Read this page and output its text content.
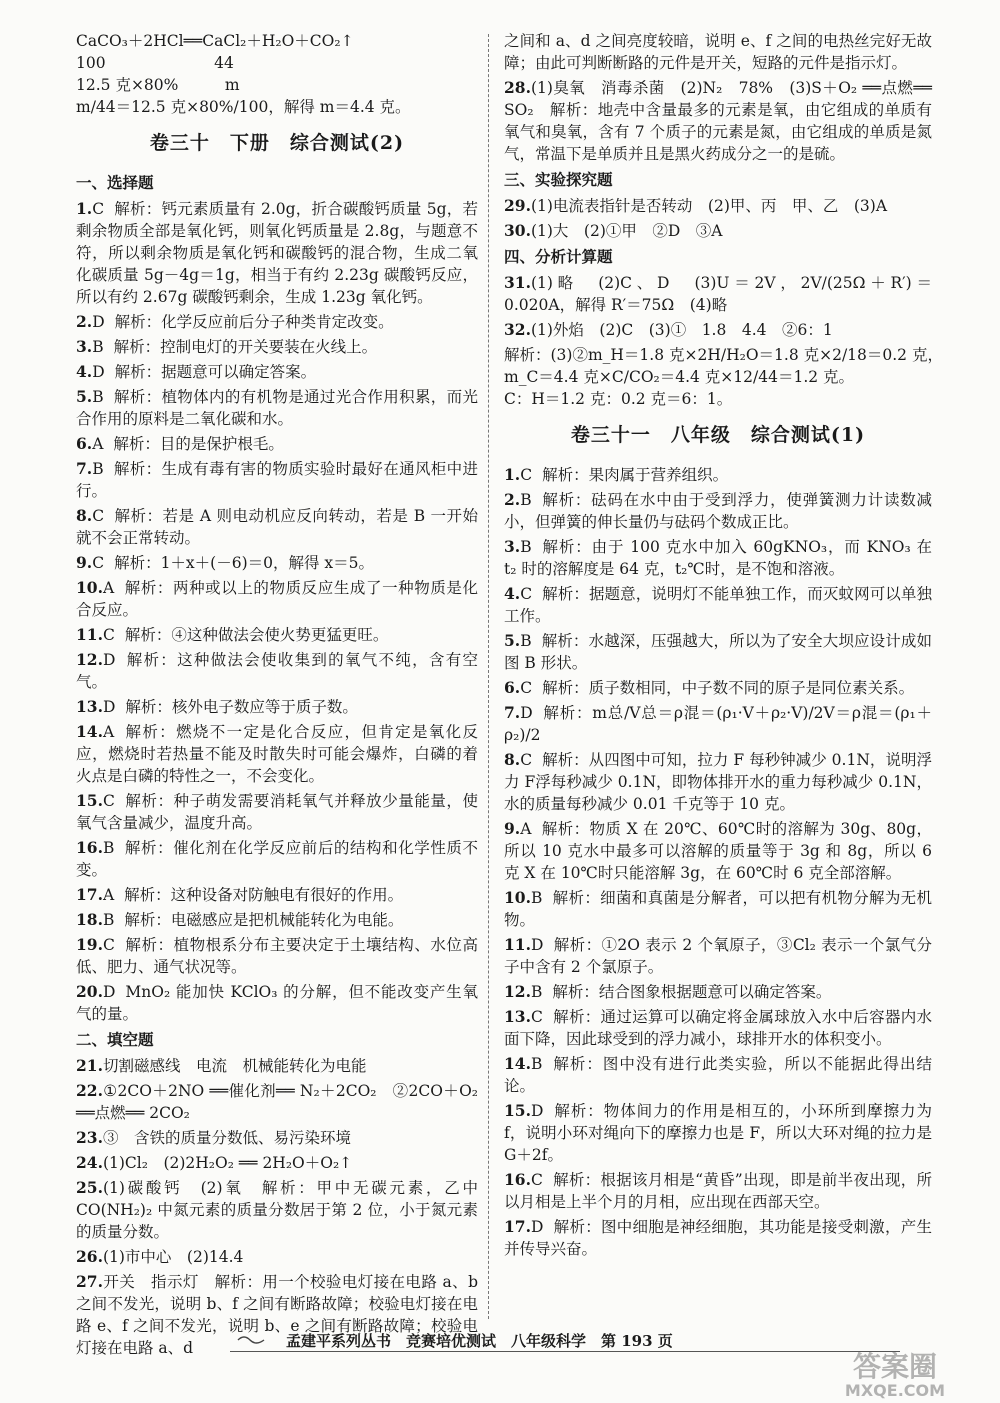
CaCO₃＋2HCl══CaCl₂＋H₂O＋CO₂↑

100　　　　　　　44

12.5 克×80%　　　m

m/44＝12.5 克×80%/100，解得 m＝4.4 克。

卷三十　下册　综合测试(2)
一、选择题

1.C 解析：钙元素质量有 2.0g，折合碳酸钙质量 5g，若剩余物质全部是氧化钙，则氧化钙质量是 2.8g，与题意不符，所以剩余物质是氧化钙和碳酸钙的混合物，生成二氧化碳质量 5g－4g＝1g，相当于有约 2.23g 碳酸钙反应，所以有约 2.67g 碳酸钙剩余，生成 1.23g 氧化钙。

2.D 解析：化学反应前后分子种类肯定改变。

3.B 解析：控制电灯的开关要装在火线上。

4.D 解析：据题意可以确定答案。

5.B 解析：植物体内的有机物是通过光合作用积累，而光合作用的原料是二氧化碳和水。

6.A 解析：目的是保护根毛。

7.B 解析：生成有毒有害的物质实验时最好在通风柜中进行。

8.C 解析：若是 A 则电动机应反向转动，若是 B 一开始就不会正常转动。

9.C 解析：1＋x＋(－6)＝0，解得 x＝5。

10.A 解析：两种或以上的物质反应生成了一种物质是化合反应。

11.C 解析：④这种做法会使火势更猛更旺。

12.D 解析：这种做法会使收集到的氧气不纯，含有空气。

13.D 解析：核外电子数应等于质子数。

14.A 解析：燃烧不一定是化合反应，但肯定是氧化反应，燃烧时若热量不能及时散失时可能会爆炸，白磷的着火点是白磷的特性之一，不会变化。

15.C 解析：种子萌发需要消耗氧气并释放少量能量，使氧气含量减少，温度升高。

16.B 解析：催化剂在化学反应前后的结构和化学性质不变。

17.A 解析：这种设备对防触电有很好的作用。

18.B 解析：电磁感应是把机械能转化为电能。

19.C 解析：植物根系分布主要决定于土壤结构、水位高低、肥力、通气状况等。

20.D MnO₂ 能加快 KClO₃ 的分解，但不能改变产生氧气的量。

二、填空题

21.切割磁感线　电流　机械能转化为电能

22.①2CO＋2NO ══催化剂══ N₂＋2CO₂　②2CO＋O₂ ══点燃══ 2CO₂

23.③　含铁的质量分数低、易污染环境

24.(1)Cl₂　(2)2H₂O₂ ══ 2H₂O＋O₂↑

25.(1)碳酸钙　(2)氧　解析：甲中无碳元素，乙中 CO(NH₂)₂ 中氮元素的质量分数居于第 2 位，小于氮元素的质量分数。

26.(1)市中心　(2)14.4

27.开关　指示灯　解析：用一个校验电灯接在电路 a、b 之间不发光，说明 b、f 之间有断路故障；校验电灯接在电路 e、f 之间不发光，说明 b、e 之间有断路故障；校验电灯接在电路 a、d

之间和 a、d 之间亮度较暗，说明 e、f 之间的电热丝完好无故障；由此可判断断路的元件是开关，短路的元件是指示灯。

28.(1)臭氧　消毒杀菌　(2)N₂　78%　(3)S＋O₂ ══点燃══ SO₂　解析：地壳中含量最多的元素是氧，由它组成的单质有氧气和臭氧，含有 7 个质子的元素是氮，由它组成的单质是氮气，常温下是单质并且是黑火药成分之一的是硫。

三、实验探究题

29.(1)电流表指针是否转动　(2)甲、丙　甲、乙　(3)A

30.(1)大　(2)①甲　②D　③A

四、分析计算题

31.(1)略　(2)C、D　(3)U＝2V，2V/(25Ω＋R′)＝0.020A，解得 R′＝75Ω　(4)略

32.(1)外焰　(2)C　(3)①　1.8　4.4　②6：1

解析：(3)②m_H＝1.8 克×2H/H₂O＝1.8 克×2/18＝0.2 克，

m_C＝4.4 克×C/CO₂＝4.4 克×12/44＝1.2 克。

C：H＝1.2 克：0.2 克＝6：1。

卷三十一　八年级　综合测试(1)

1.C 解析：果肉属于营养组织。

2.B 解析：砝码在水中由于受到浮力，使弹簧测力计读数减小，但弹簧的伸长量仍与砝码个数成正比。

3.B 解析：由于 100 克水中加入 60gKNO₃，而 KNO₃ 在 t₂ 时的溶解度是 64 克，t₂℃时，是不饱和溶液。

4.C 解析：据题意，说明灯不能单独工作，而灭蚊网可以单独工作。

5.B 解析：水越深，压强越大，所以为了安全大坝应设计成如图 B 形状。

6.C 解析：质子数相同，中子数不同的原子是同位素关系。

7.D 解析：m总/V总＝ρ混＝(ρ₁·V＋ρ₂·V)/2V＝ρ混＝(ρ₁＋ρ₂)/2

8.C 解析：从四图中可知，拉力 F 每秒钟减少 0.1N，说明浮力 F浮每秒减少 0.1N，即物体排开水的重力每秒减少 0.1N，水的质量每秒减少 0.01 千克等于 10 克。

9.A 解析：物质 X 在 20℃、60℃时的溶解为 30g、80g，所以 10 克水中最多可以溶解的质量等于 3g 和 8g，所以 6 克 X 在 10℃时只能溶解 3g，在 60℃时 6 克全部溶解。

10.B 解析：细菌和真菌是分解者，可以把有机物分解为无机物。

11.D 解析：①2O 表示 2 个氧原子，③Cl₂ 表示一个氯气分子中含有 2 个氯原子。

12.B 解析：结合图象根据题意可以确定答案。

13.C 解析：通过运算可以确定将金属球放入水中后容器内水面下降，因此球受到的浮力减小，球排开水的体积变小。

14.B 解析：图中没有进行此类实验，所以不能据此得出结论。

15.D 解析：物体间力的作用是相互的，小环所到摩擦力为 f，说明小环对绳向下的摩擦力也是 F，所以大环对绳的拉力是 G＋2f。

16.C 解析：根据该月相是“黄昏”出现，即是前半夜出现，所以月相是上半个月的月相，应出现在西部天空。

17.D 解析：图中细胞是神经细胞，其功能是接受刺激，产生并传导兴奋。

孟建平系列丛书　竞赛培优测试　八年级科学　第 193 页
答案圈
MXQE.COM
